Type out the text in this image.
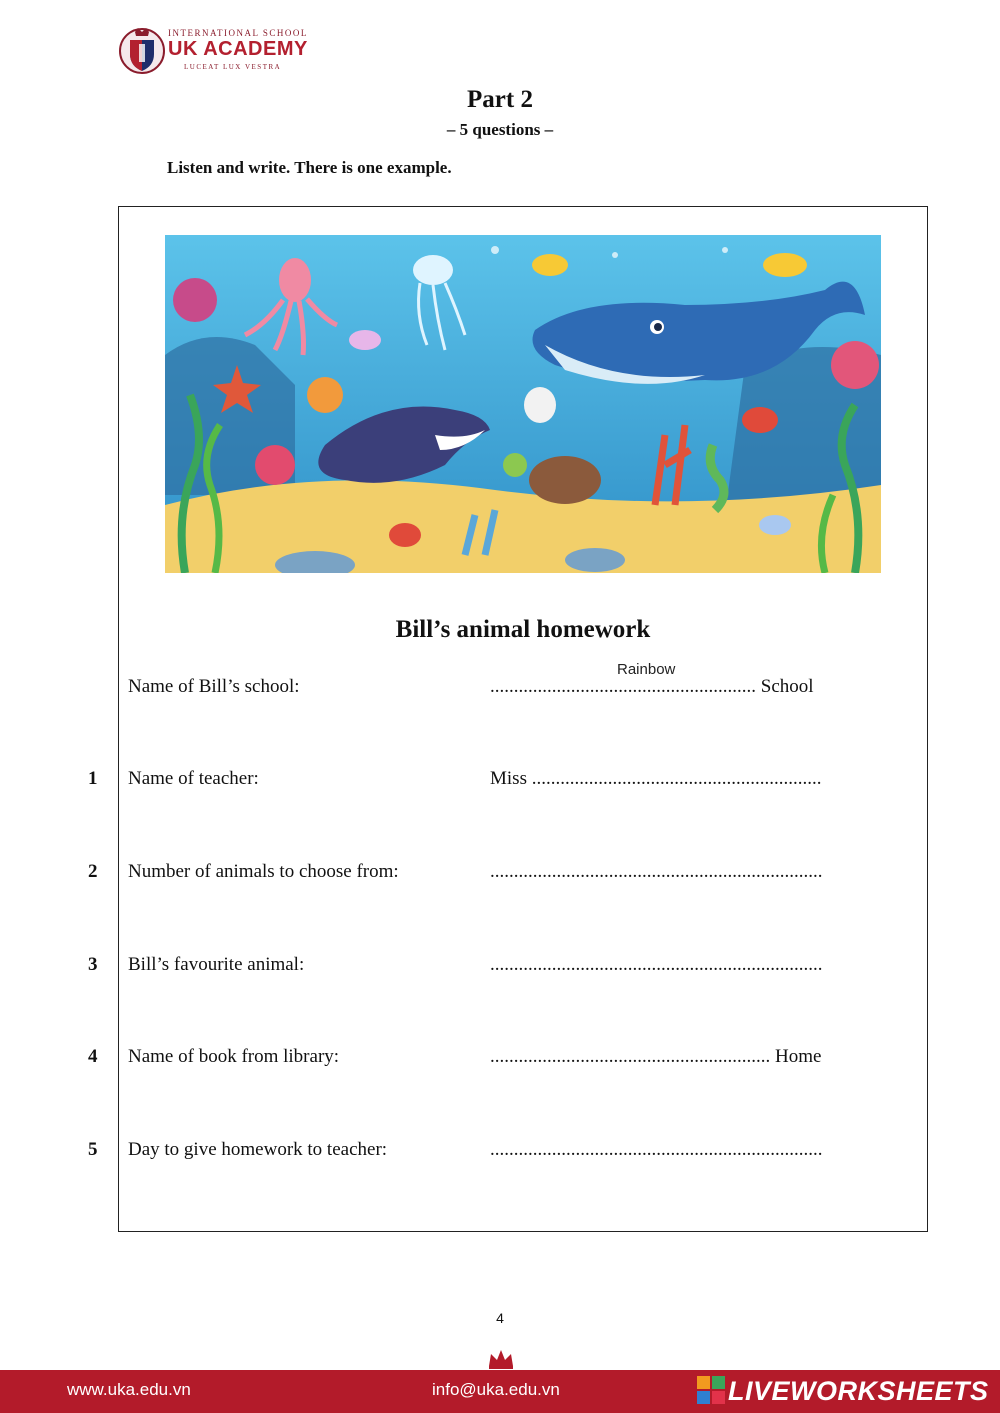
INTERNATIONAL SCHOOL
UK ACADEMY
LUCEAT LUX VESTRA
Part 2
– 5 questions –
Listen and write. There is one example.
Bill’s animal homework
Rainbow
Name of Bill’s school:	........................................................ School
1 Name of teacher:	Miss .............................................................
2 Number of animals to choose from:	......................................................................
3 Bill’s favourite animal:	......................................................................
4 Name of book from library:	........................................................... Home
5 Day to give homework to teacher:	......................................................................
4
www.uka.edu.vn	info@uka.edu.vn	LIVEWORKSHEETS
